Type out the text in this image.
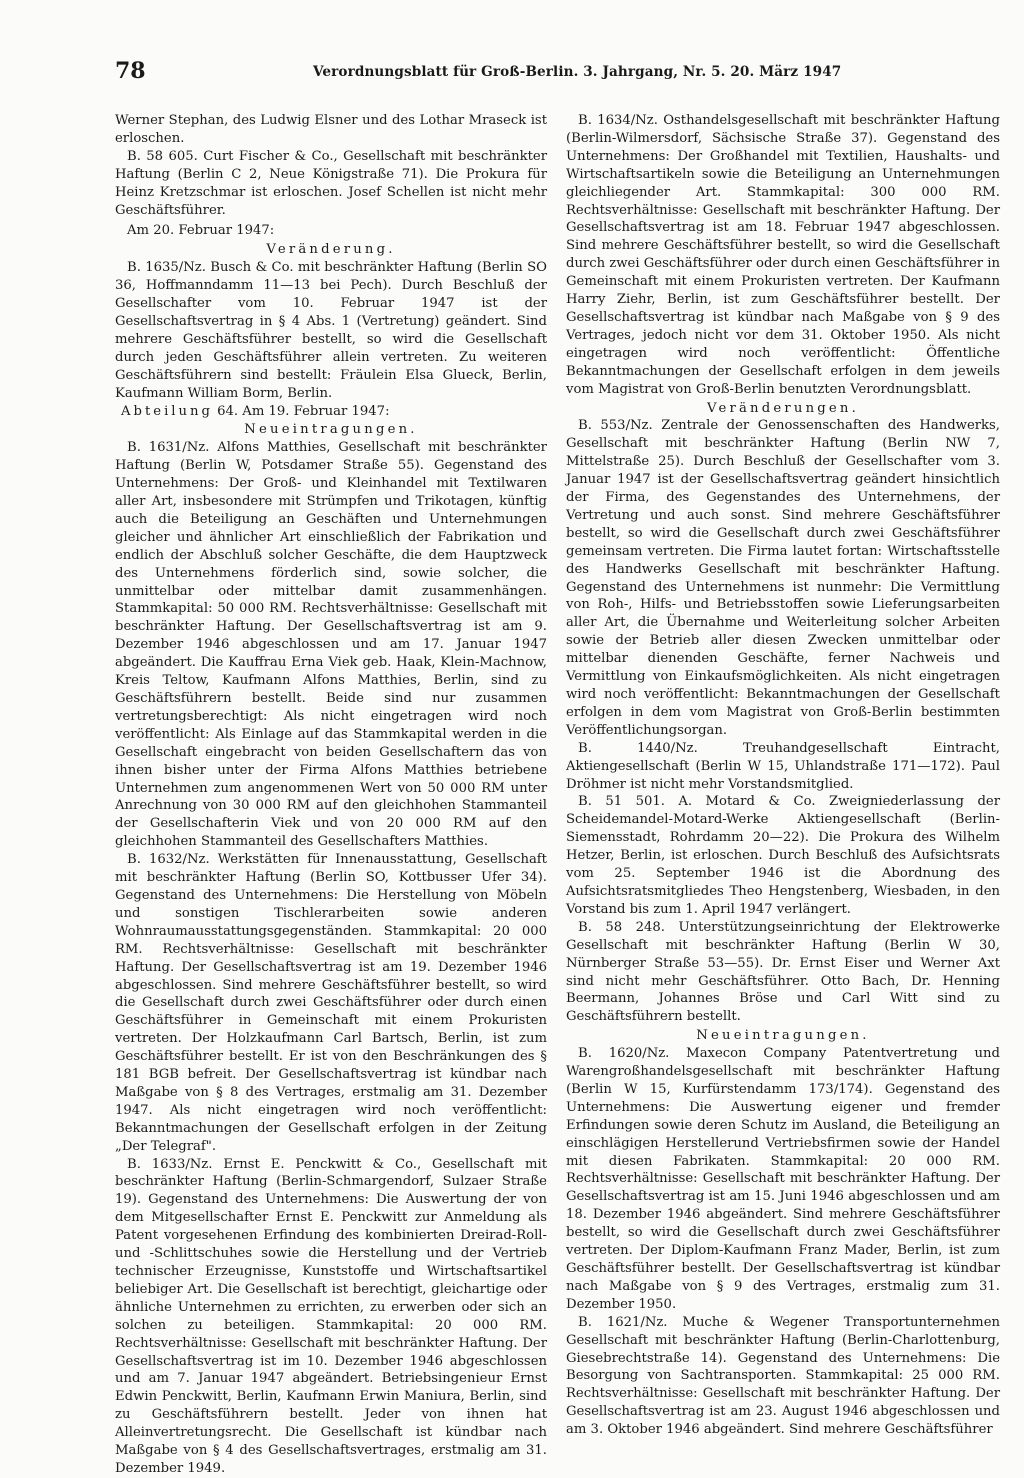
78	Verordnungsblatt für Groß-Berlin. 3. Jahrgang, Nr. 5. 20. März 1947

Werner Stephan, des Ludwig Elsner und des Lothar Mraseck ist erloschen.

B. 58 605. Curt Fischer & Co., Gesellschaft mit beschränkter Haftung (Berlin C 2, Neue Königstraße 71). Die Prokura für Heinz Kretzschmar ist erloschen. Josef Schellen ist nicht mehr Geschäftsführer.

Am 20. Februar 1947:

Veränderung.

B. 1635/Nz. Busch & Co. mit beschränkter Haftung (Berlin SO 36, Hoffmanndamm 11—13 bei Pech). Durch Beschluß der Gesellschafter vom 10. Februar 1947 ist der Gesellschaftsvertrag in § 4 Abs. 1 (Vertretung) geändert. Sind mehrere Geschäftsführer bestellt, so wird die Gesellschaft durch jeden Geschäftsführer allein vertreten. Zu weiteren Geschäftsführern sind bestellt: Fräulein Elsa Glueck, Berlin, Kaufmann William Borm, Berlin.

Abteilung 64. Am 19. Februar 1947:

Neueintragungen.

B. 1631/Nz. Alfons Matthies, Gesellschaft mit beschränkter Haftung (Berlin W, Potsdamer Straße 55). Gegenstand des Unternehmens: Der Groß- und Kleinhandel mit Textilwaren aller Art, insbesondere mit Strümpfen und Trikotagen, künftig auch die Beteiligung an Geschäften und Unternehmungen gleicher und ähnlicher Art einschließlich der Fabrikation und endlich der Abschluß solcher Geschäfte, die dem Hauptzweck des Unternehmens förderlich sind, sowie solcher, die unmittelbar oder mittelbar damit zusammenhängen. Stammkapital: 50 000 RM. Rechtsverhältnisse: Gesellschaft mit beschränkter Haftung. Der Gesellschaftsvertrag ist am 9. Dezember 1946 abgeschlossen und am 17. Januar 1947 abgeändert. Die Kauffrau Erna Viek geb. Haak, Klein-Machnow, Kreis Teltow, Kaufmann Alfons Matthies, Berlin, sind zu Geschäftsführern bestellt. Beide sind nur zusammen vertretungsberechtigt: Als nicht eingetragen wird noch veröffentlicht: Als Einlage auf das Stammkapital werden in die Gesellschaft eingebracht von beiden Gesellschaftern das von ihnen bisher unter der Firma Alfons Matthies betriebene Unternehmen zum angenommenen Wert von 50 000 RM unter Anrechnung von 30 000 RM auf den gleichhohen Stammanteil der Gesellschafterin Viek und von 20 000 RM auf den gleichhohen Stammanteil des Gesellschafters Matthies.

B. 1632/Nz. Werkstätten für Innenausstattung, Gesellschaft mit beschränkter Haftung (Berlin SO, Kottbusser Ufer 34). Gegenstand des Unternehmens: Die Herstellung von Möbeln und sonstigen Tischlerarbeiten sowie anderen Wohnraumausstattungsgegenständen. Stammkapital: 20 000 RM. Rechtsverhältnisse: Gesellschaft mit beschränkter Haftung. Der Gesellschaftsvertrag ist am 19. Dezember 1946 abgeschlossen. Sind mehrere Geschäftsführer bestellt, so wird die Gesellschaft durch zwei Geschäftsführer oder durch einen Geschäftsführer in Gemeinschaft mit einem Prokuristen vertreten. Der Holzkaufmann Carl Bartsch, Berlin, ist zum Geschäftsführer bestellt. Er ist von den Beschränkungen des § 181 BGB befreit. Der Gesellschaftsvertrag ist kündbar nach Maßgabe von § 8 des Vertrages, erstmalig am 31. Dezember 1947. Als nicht eingetragen wird noch veröffentlicht: Bekanntmachungen der Gesellschaft erfolgen in der Zeitung „Der Telegraf".

B. 1633/Nz. Ernst E. Penckwitt & Co., Gesellschaft mit beschränkter Haftung (Berlin-Schmargendorf, Sulzaer Straße 19). Gegenstand des Unternehmens: Die Auswertung der von dem Mitgesellschafter Ernst E. Penckwitt zur Anmeldung als Patent vorgesehenen Erfindung des kombinierten Dreirad-Roll- und -Schlittschuhes sowie die Herstellung und der Vertrieb technischer Erzeugnisse, Kunststoffe und Wirtschaftsartikel beliebiger Art. Die Gesellschaft ist berechtigt, gleichartige oder ähnliche Unternehmen zu errichten, zu erwerben oder sich an solchen zu beteiligen. Stammkapital: 20 000 RM. Rechtsverhältnisse: Gesellschaft mit beschränkter Haftung. Der Gesellschaftsvertrag ist im 10. Dezember 1946 abgeschlossen und am 7. Januar 1947 abgeändert. Betriebsingenieur Ernst Edwin Penckwitt, Berlin, Kaufmann Erwin Maniura, Berlin, sind zu Geschäftsführern bestellt. Jeder von ihnen hat Alleinvertretungsrecht. Die Gesellschaft ist kündbar nach Maßgabe von § 4 des Gesellschaftsvertrages, erstmalig am 31. Dezember 1949.

B. 1634/Nz. Osthandelsgesellschaft mit beschränkter Haftung (Berlin-Wilmersdorf, Sächsische Straße 37). Gegenstand des Unternehmens: Der Großhandel mit Textilien, Haushalts- und Wirtschaftsartikeln sowie die Beteiligung an Unternehmungen gleichliegender Art. Stammkapital: 300 000 RM. Rechtsverhältnisse: Gesellschaft mit beschränkter Haftung. Der Gesellschaftsvertrag ist am 18. Februar 1947 abgeschlossen. Sind mehrere Geschäftsführer bestellt, so wird die Gesellschaft durch zwei Geschäftsführer oder durch einen Geschäftsführer in Gemeinschaft mit einem Prokuristen vertreten. Der Kaufmann Harry Ziehr, Berlin, ist zum Geschäftsführer bestellt. Der Gesellschaftsvertrag ist kündbar nach Maßgabe von § 9 des Vertrages, jedoch nicht vor dem 31. Oktober 1950. Als nicht eingetragen wird noch veröffentlicht: Öffentliche Bekanntmachungen der Gesellschaft erfolgen in dem jeweils vom Magistrat von Groß-Berlin benutzten Verordnungsblatt.

Veränderungen.

B. 553/Nz. Zentrale der Genossenschaften des Handwerks, Gesellschaft mit beschränkter Haftung (Berlin NW 7, Mittelstraße 25). Durch Beschluß der Gesellschafter vom 3. Januar 1947 ist der Gesellschaftsvertrag geändert hinsichtlich der Firma, des Gegenstandes des Unternehmens, der Vertretung und auch sonst. Sind mehrere Geschäftsführer bestellt, so wird die Gesellschaft durch zwei Geschäftsführer gemeinsam vertreten. Die Firma lautet fortan: Wirtschaftsstelle des Handwerks Gesellschaft mit beschränkter Haftung. Gegenstand des Unternehmens ist nunmehr: Die Vermittlung von Roh-, Hilfs- und Betriebsstoffen sowie Lieferungsarbeiten aller Art, die Übernahme und Weiterleitung solcher Arbeiten sowie der Betrieb aller diesen Zwecken unmittelbar oder mittelbar dienenden Geschäfte, ferner Nachweis und Vermittlung von Einkaufsmöglichkeiten. Als nicht eingetragen wird noch veröffentlicht: Bekanntmachungen der Gesellschaft erfolgen in dem vom Magistrat von Groß-Berlin bestimmten Veröffentlichungsorgan.

B. 1440/Nz. Treuhandgesellschaft Eintracht, Aktiengesellschaft (Berlin W 15, Uhlandstraße 171—172). Paul Dröhmer ist nicht mehr Vorstandsmitglied.

B. 51 501. A. Motard & Co. Zweigniederlassung der Scheidemandel-Motard-Werke Aktiengesellschaft (Berlin-Siemensstadt, Rohrdamm 20—22). Die Prokura des Wilhelm Hetzer, Berlin, ist erloschen. Durch Beschluß des Aufsichtsrats vom 25. September 1946 ist die Abordnung des Aufsichtsratsmitgliedes Theo Hengstenberg, Wiesbaden, in den Vorstand bis zum 1. April 1947 verlängert.

B. 58 248. Unterstützungseinrichtung der Elektrowerke Gesellschaft mit beschränkter Haftung (Berlin W 30, Nürnberger Straße 53—55). Dr. Ernst Eiser und Werner Axt sind nicht mehr Geschäftsführer. Otto Bach, Dr. Henning Beermann, Johannes Bröse und Carl Witt sind zu Geschäftsführern bestellt.

Neueintragungen.

B. 1620/Nz. Maxecon Company Patentvertretung und Warengroßhandelsgesellschaft mit beschränkter Haftung (Berlin W 15, Kurfürstendamm 173/174). Gegenstand des Unternehmens: Die Auswertung eigener und fremder Erfindungen sowie deren Schutz im Ausland, die Beteiligung an einschlägigen Herstellerund Vertriebsfirmen sowie der Handel mit diesen Fabrikaten. Stammkapital: 20 000 RM. Rechtsverhältnisse: Gesellschaft mit beschränkter Haftung. Der Gesellschaftsvertrag ist am 15. Juni 1946 abgeschlossen und am 18. Dezember 1946 abgeändert. Sind mehrere Geschäftsführer bestellt, so wird die Gesellschaft durch zwei Geschäftsführer vertreten. Der Diplom-Kaufmann Franz Mader, Berlin, ist zum Geschäftsführer bestellt. Der Gesellschaftsvertrag ist kündbar nach Maßgabe von § 9 des Vertrages, erstmalig zum 31. Dezember 1950.

B. 1621/Nz. Muche & Wegener Transportunternehmen Gesellschaft mit beschränkter Haftung (Berlin-Charlottenburg, Giesebrechtstraße 14). Gegenstand des Unternehmens: Die Besorgung von Sachtransporten. Stammkapital: 25 000 RM. Rechtsverhältnisse: Gesellschaft mit beschränkter Haftung. Der Gesellschaftsvertrag ist am 23. August 1946 abgeschlossen und am 3. Oktober 1946 abgeändert. Sind mehrere Geschäftsführer
